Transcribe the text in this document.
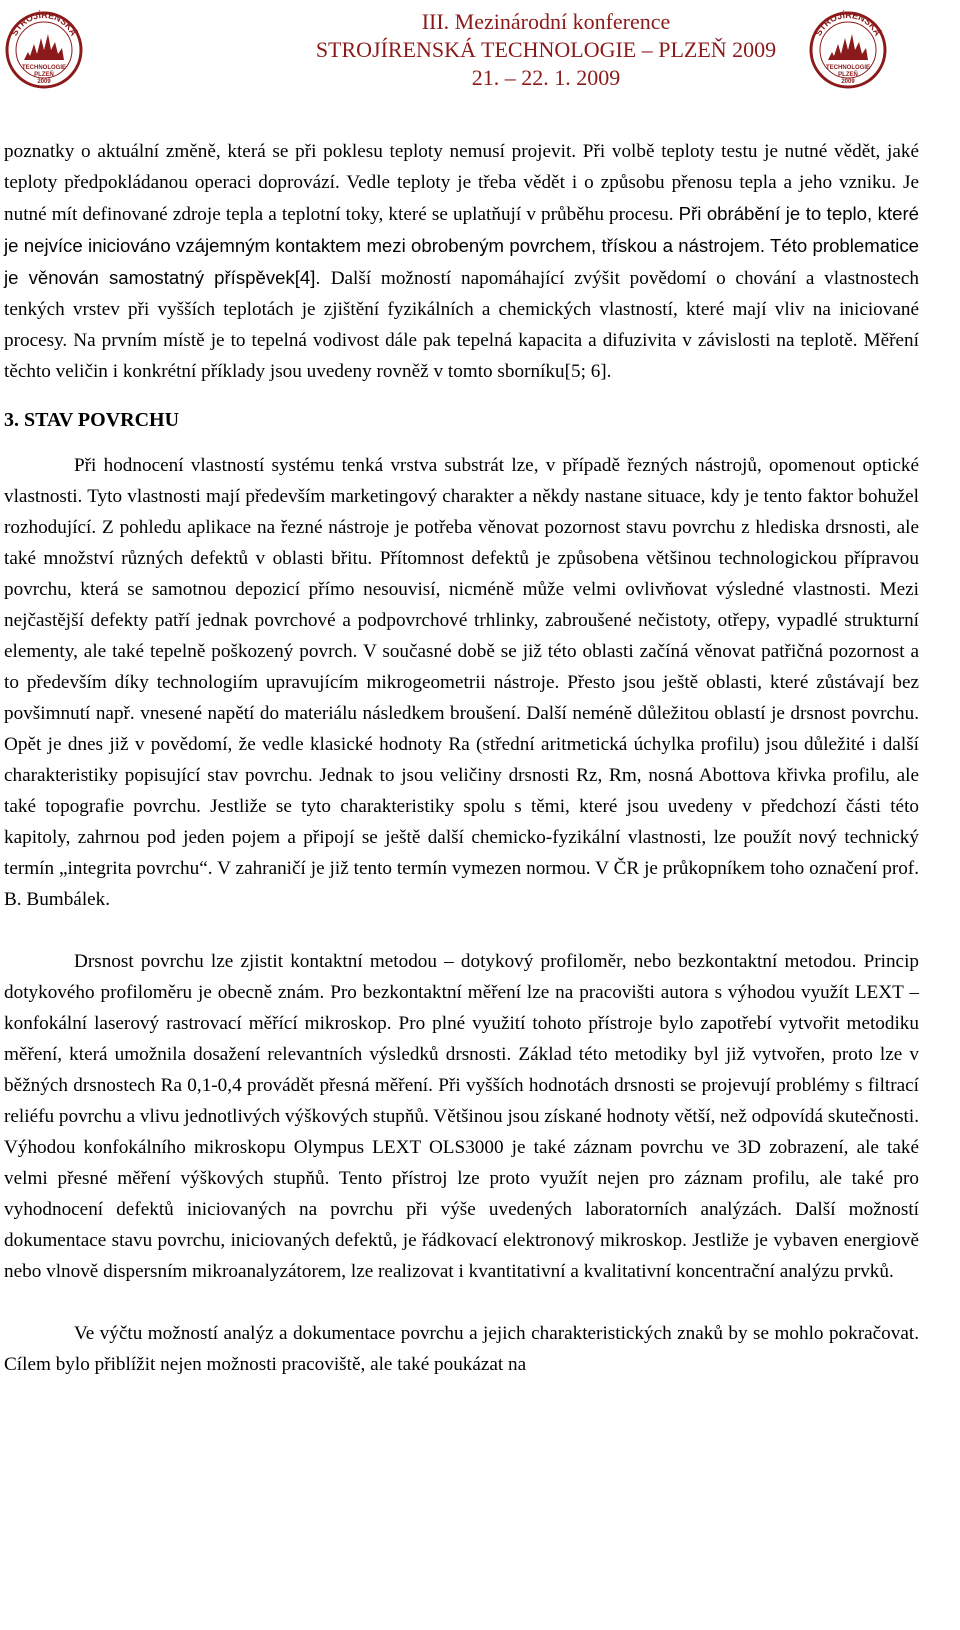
STROJÍRENSKÁ
TECHNOLOGIE
PLZEŇ
2009
III. Mezinárodní konference
STROJÍRENSKÁ TECHNOLOGIE – PLZEŇ 2009
21. – 22. 1. 2009
STROJÍRENSKÁ
TECHNOLOGIE
PLZEŇ
2009

poznatky o aktuální změně, která se při poklesu teploty nemusí projevit. Při volbě teploty testu je nutné vědět, jaké teploty předpokládanou operaci doprovází. Vedle teploty je třeba vědět i o způsobu přenosu tepla a jeho vzniku. Je nutné mít definované zdroje tepla a teplotní toky, které se uplatňují v průběhu procesu. Při obrábění je to teplo, které je nejvíce iniciováno vzájemným kontaktem mezi obrobeným povrchem, třískou a nástrojem. Této problematice je věnován samostatný příspěvek[4]. Další možností napomáhající zvýšit povědomí o chování a vlastnostech tenkých vrstev při vyšších teplotách je zjištění fyzikálních a chemických vlastností, které mají vliv na iniciované procesy. Na prvním místě je to tepelná vodivost dále pak tepelná kapacita a difuzivita v závislosti na teplotě. Měření těchto veličin i konkrétní příklady jsou uvedeny rovněž v tomto sborníku[5; 6].

3. STAV POVRCHU

Při hodnocení vlastností systému tenká vrstva substrát lze, v případě řezných nástrojů, opomenout optické vlastnosti. Tyto vlastnosti mají především marketingový charakter a někdy nastane situace, kdy je tento faktor bohužel rozhodující. Z pohledu aplikace na řezné nástroje je potřeba věnovat pozornost stavu povrchu z hlediska drsnosti, ale také množství různých defektů v oblasti břitu. Přítomnost defektů je způsobena většinou technologickou přípravou povrchu, která se samotnou depozicí přímo nesouvisí, nicméně může velmi ovlivňovat výsledné vlastnosti. Mezi nejčastější defekty patří jednak povrchové a podpovrchové trhlinky, zabroušené nečistoty, otřepy, vypadlé strukturní elementy, ale také tepelně poškozený povrch. V současné době se již této oblasti začíná věnovat patřičná pozornost a to především díky technologiím upravujícím mikrogeometrii nástroje. Přesto jsou ještě oblasti, které zůstávají bez povšimnutí např. vnesené napětí do materiálu následkem broušení. Další neméně důležitou oblastí je drsnost povrchu. Opět je dnes již v povědomí, že vedle klasické hodnoty Ra (střední aritmetická úchylka profilu) jsou důležité i další charakteristiky popisující stav povrchu. Jednak to jsou veličiny drsnosti Rz, Rm, nosná Abottova křivka profilu, ale také topografie povrchu. Jestliže se tyto charakteristiky spolu s těmi, které jsou uvedeny v předchozí části této kapitoly, zahrnou pod jeden pojem a připojí se ještě další chemicko-fyzikální vlastnosti, lze použít nový technický termín „integrita povrchu“. V zahraničí je již tento termín vymezen normou. V ČR je průkopníkem toho označení prof. B. Bumbálek.

Drsnost povrchu lze zjistit kontaktní metodou – dotykový profiloměr, nebo bezkontaktní metodou. Princip dotykového profiloměru je obecně znám. Pro bezkontaktní měření lze na pracovišti autora s výhodou využít LEXT – konfokální laserový rastrovací měřící mikroskop. Pro plné využití tohoto přístroje bylo zapotřebí vytvořit metodiku měření, která umožnila dosažení relevantních výsledků drsnosti. Základ této metodiky byl již vytvořen, proto lze v běžných drsnostech Ra 0,1-0,4 provádět přesná měření. Při vyšších hodnotách drsnosti se projevují problémy s filtrací reliéfu povrchu a vlivu jednotlivých výškových stupňů. Většinou jsou získané hodnoty větší, než odpovídá skutečnosti. Výhodou konfokálního mikroskopu Olympus LEXT OLS3000 je také záznam povrchu ve 3D zobrazení, ale také velmi přesné měření výškových stupňů. Tento přístroj lze proto využít nejen pro záznam profilu, ale také pro vyhodnocení defektů iniciovaných na povrchu při výše uvedených laboratorních analýzách. Další možností dokumentace stavu povrchu, iniciovaných defektů, je řádkovací elektronový mikroskop. Jestliže je vybaven energiově nebo vlnově dispersním mikroanalyzátorem, lze realizovat i kvantitativní a kvalitativní koncentrační analýzu prvků.

Ve výčtu možností analýz a dokumentace povrchu a jejich charakteristických znaků by se mohlo pokračovat. Cílem bylo přiblížit nejen možnosti pracoviště, ale také poukázat na
